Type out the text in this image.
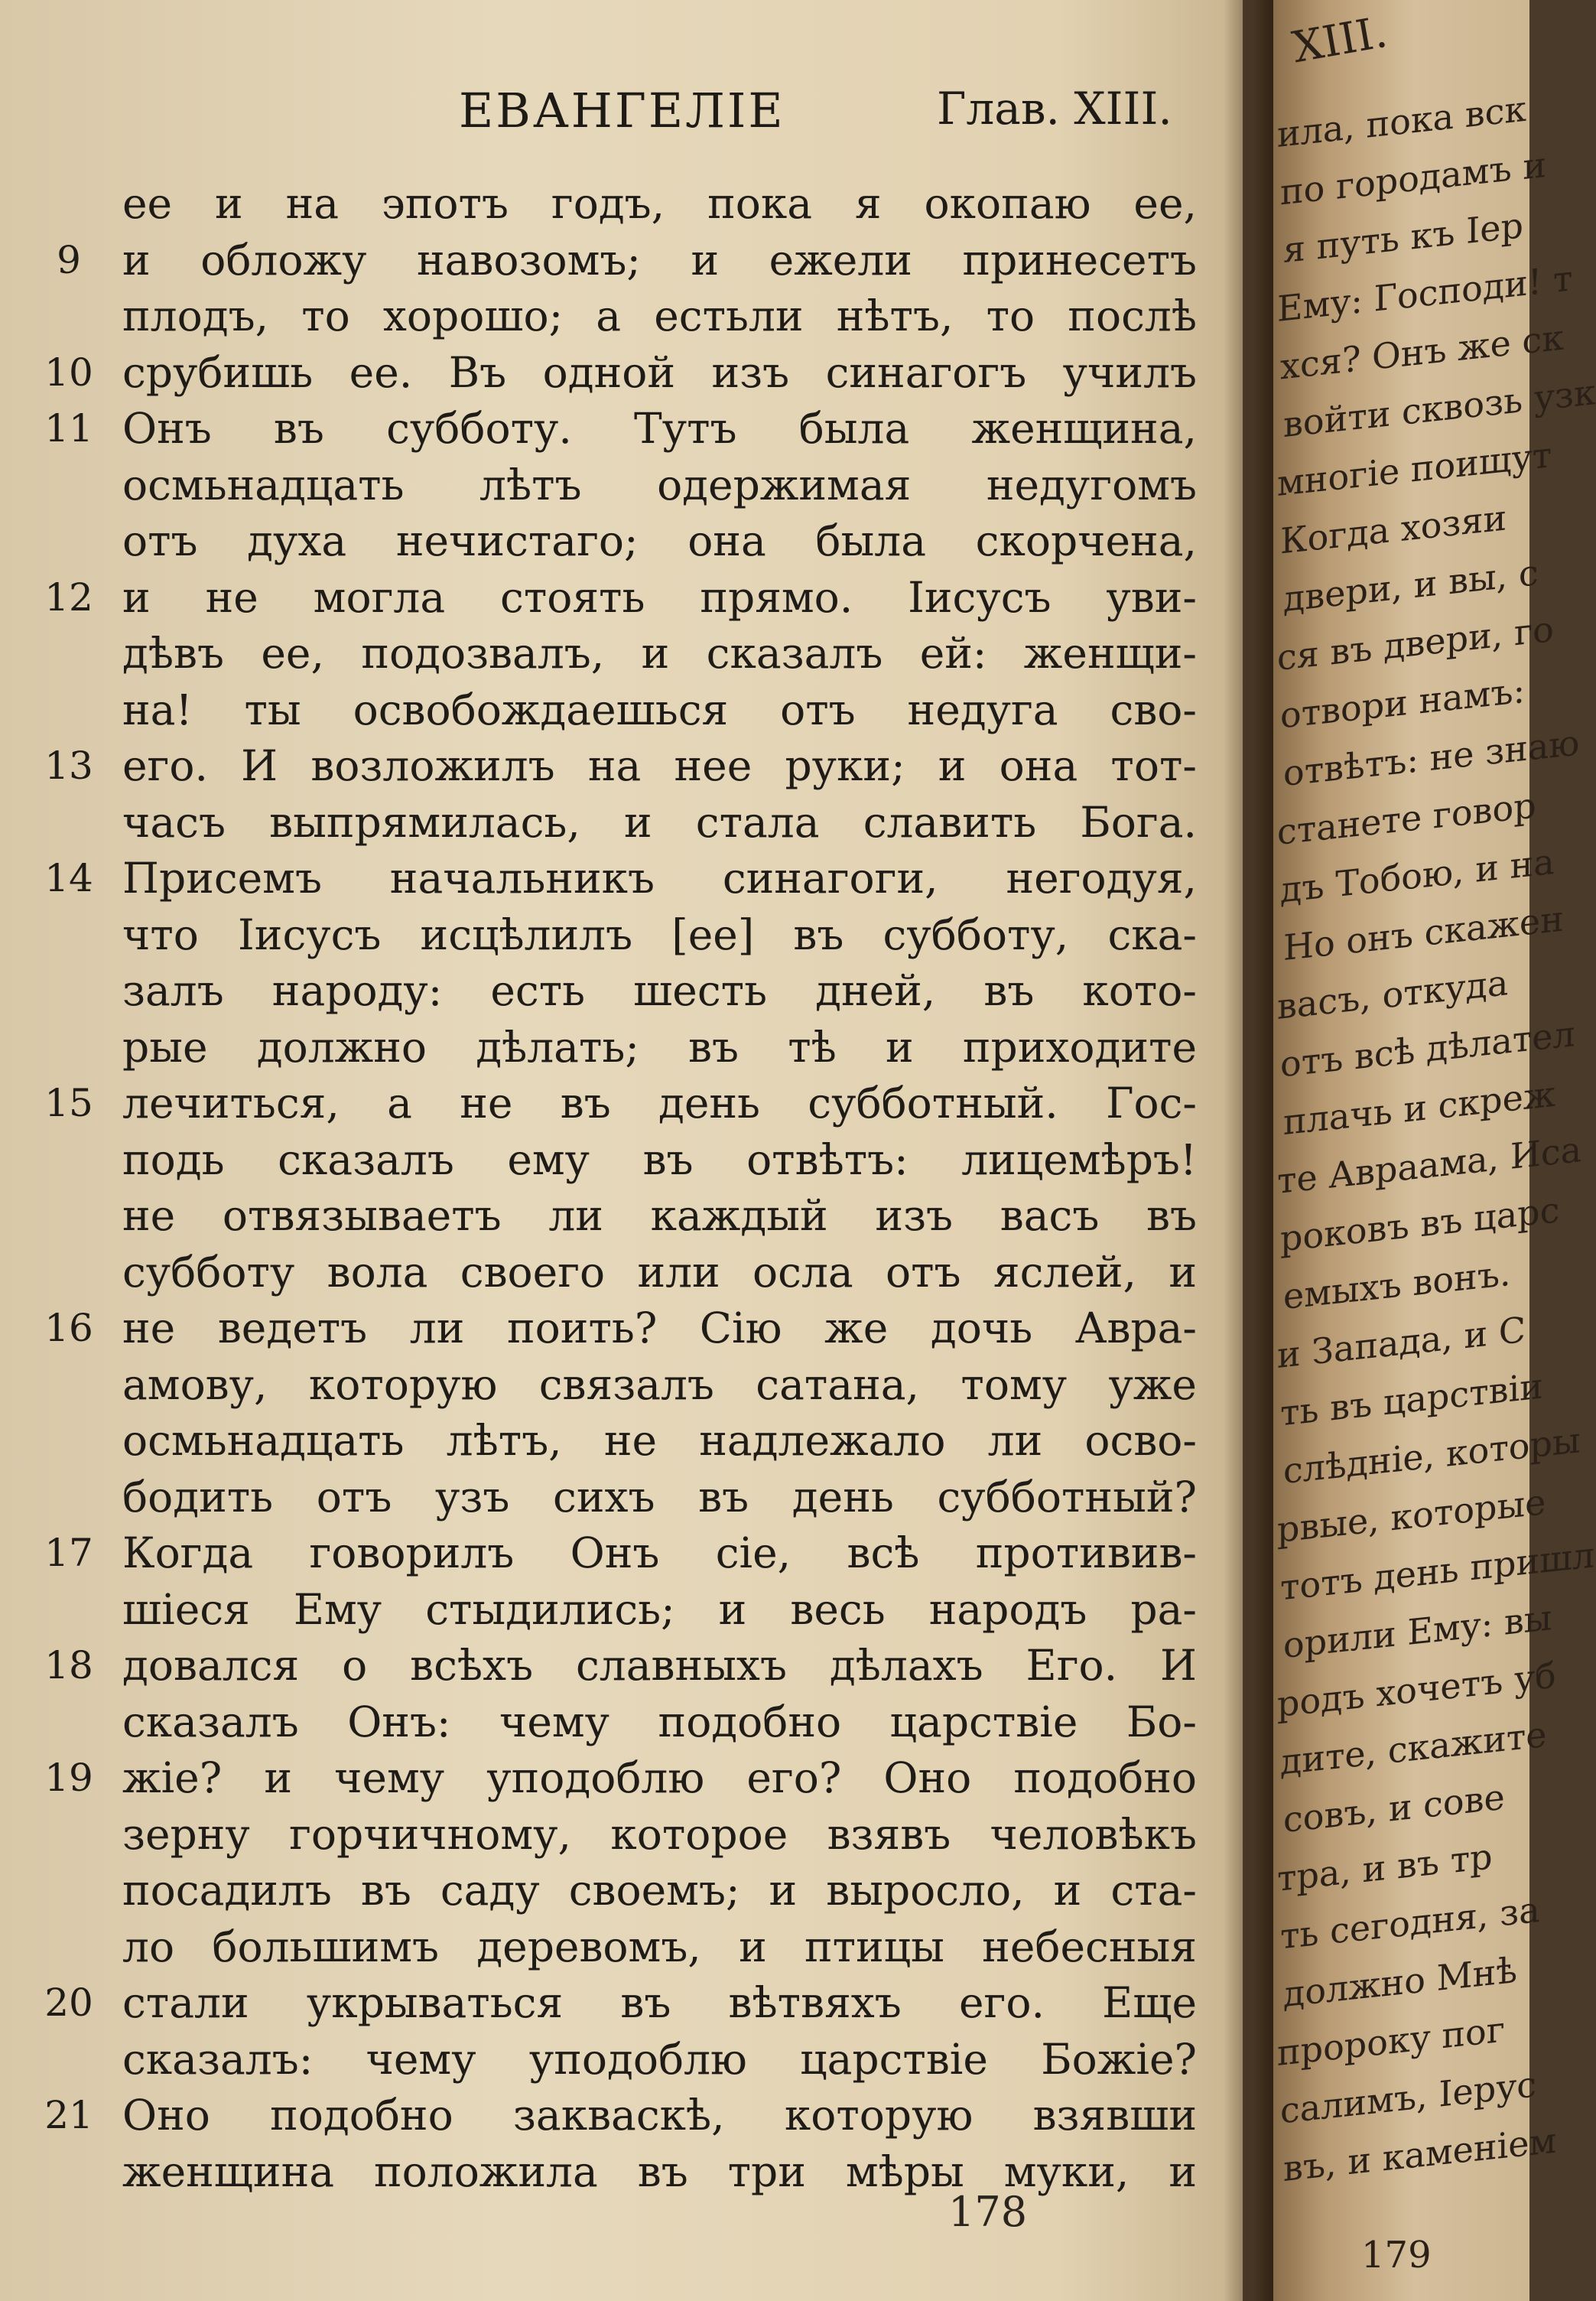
ЕВАНГЕЛІЕ	Глав. XIII.
ее и на эпотъ годъ, пока я окопаю ее,
9 и обложу навозомъ; и ежели принесетъ
плодъ, то хорошо; а естьли нѣтъ, то послѣ
10 срубишь ее. Въ одной изъ синагогъ училъ
11 Онъ въ субботу. Тутъ была женщина,
осмьнадцать лѣтъ одержимая недугомъ
отъ духа нечистаго; она была скорчена,
12 и не могла стоять прямо. Іисусъ уви-
дѣвъ ее, подозвалъ, и сказалъ ей: женщи-
на! ты освобождаешься отъ недуга сво-
13 его. И возложилъ на нее руки; и она тот-
часъ выпрямилась, и стала славить Бога.
14 Присемъ начальникъ синагоги, негодуя,
что Іисусъ исцѣлилъ [ее] въ субботу, ска-
залъ народу: есть шесть дней, въ кото-
рые должно дѣлать; въ тѣ и приходите
15 лечиться, а не въ день субботный. Гос-
подь сказалъ ему въ отвѣтъ: лицемѣръ!
не отвязываетъ ли каждый изъ васъ въ
субботу вола своего или осла отъ яслей, и
16 не ведетъ ли поить? Сію же дочь Авра-
амову, которую связалъ сатана, тому уже
осмьнадцать лѣтъ, не надлежало ли осво-
бодить отъ узъ сихъ въ день субботный?
17 Когда говорилъ Онъ сіе, всѣ противив-
шіеся Ему стыдились; и весь народъ ра-
18 довался о всѣхъ славныхъ дѣлахъ Его. И
сказалъ Онъ: чему подобно царствіе Бо-
19 жіе? и чему уподоблю его? Оно подобно
зерну горчичному, которое взявъ человѣкъ
посадилъ въ саду своемъ; и выросло, и ста-
ло большимъ деревомъ, и птицы небесныя
20 стали укрываться въ вѣтвяхъ его. Еще
сказалъ: чему уподоблю царствіе Божіе?
21 Оно подобно закваскѣ, которую взявши
женщина положила въ три мѣры муки, и
178
XIII.
ила, пока вск
по городамъ и
я путь къ Іер
Ему: Господи! т
хся? Онъ же ск
войти сквозь узк
многіе поищут
Когда хозяи
двери, и вы, с
ся въ двери, го
отвори намъ:
отвѣтъ: не знаю
станете говор
дъ Тобою, и на
Но онъ скажен
васъ, откуда
отъ всѣ дѣлател
плачь и скреж
те Авраама, Иса
роковъ въ царс
емыхъ вонъ.
и Запада, и С
ть въ царствіи
слѣдніе, которы
рвые, которые
тотъ день пришл
орили Ему: вы
родъ хочетъ уб
дите, скажите
совъ, и сове
тра, и въ тр
ть сегодня, за
должно Мнѣ
пророку пог
салимъ, Іерус
въ, и каменіем
179
